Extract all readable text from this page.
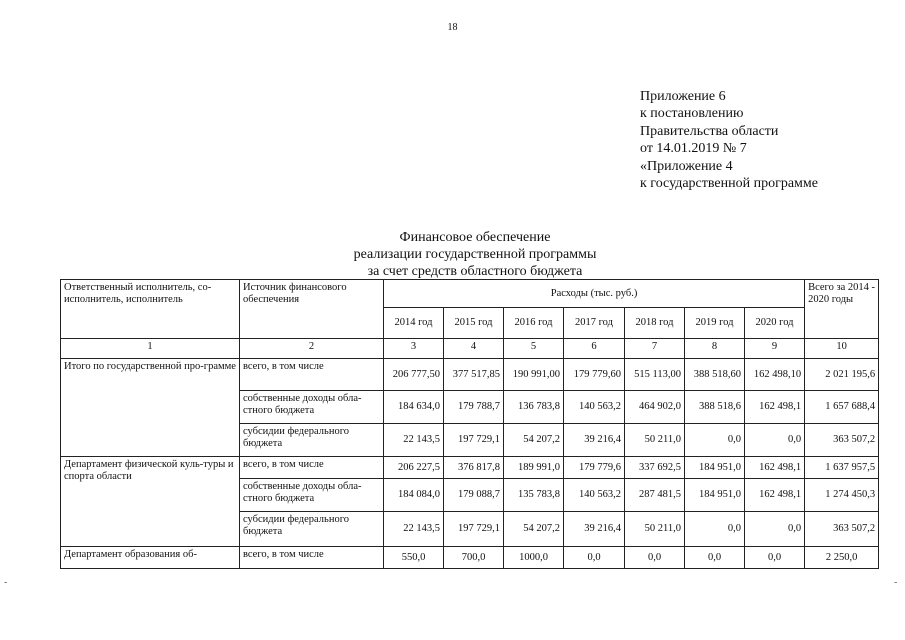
18
Приложение 6
к постановлению
Правительства области
от 14.01.2019 № 7
«Приложение 4
к государственной программе
Финансовое обеспечение
реализации государственной программы
за счет средств областного бюджета
Ответственный исполнитель, со-исполнитель, исполнитель	Источник финансового обеспечения	Расходы (тыс. руб.)							Всего за 2014 - 2020 годы
		2014 год	2015 год	2016 год	2017 год	2018 год	2019 год	2020 год	
1	2	3	4	5	6	7	8	9	10
Итого по государственной про-грамме	всего, в том числе	206 777,50	377 517,85	190 991,00	179 779,60	515 113,00	388 518,60	162 498,10	2 021 195,6
	собственные доходы обла-стного бюджета	184 634,0	179 788,7	136 783,8	140 563,2	464 902,0	388 518,6	162 498,1	1 657 688,4
	субсидии федерального бюджета	22 143,5	197 729,1	54 207,2	39 216,4	50 211,0	0,0	0,0	363 507,2
Департамент физической куль-туры и спорта области	всего, в том числе	206 227,5	376 817,8	189 991,0	179 779,6	337 692,5	184 951,0	162 498,1	1 637 957,5
	собственные доходы обла-стного бюджета	184 084,0	179 088,7	135 783,8	140 563,2	287 481,5	184 951,0	162 498,1	1 274 450,3
	субсидии федерального бюджета	22 143,5	197 729,1	54 207,2	39 216,4	50 211,0	0,0	0,0	363 507,2
Департамент образования об-	всего, в том числе	550,0	700,0	1000,0	0,0	0,0	0,0	0,0	2 250,0
-	-
